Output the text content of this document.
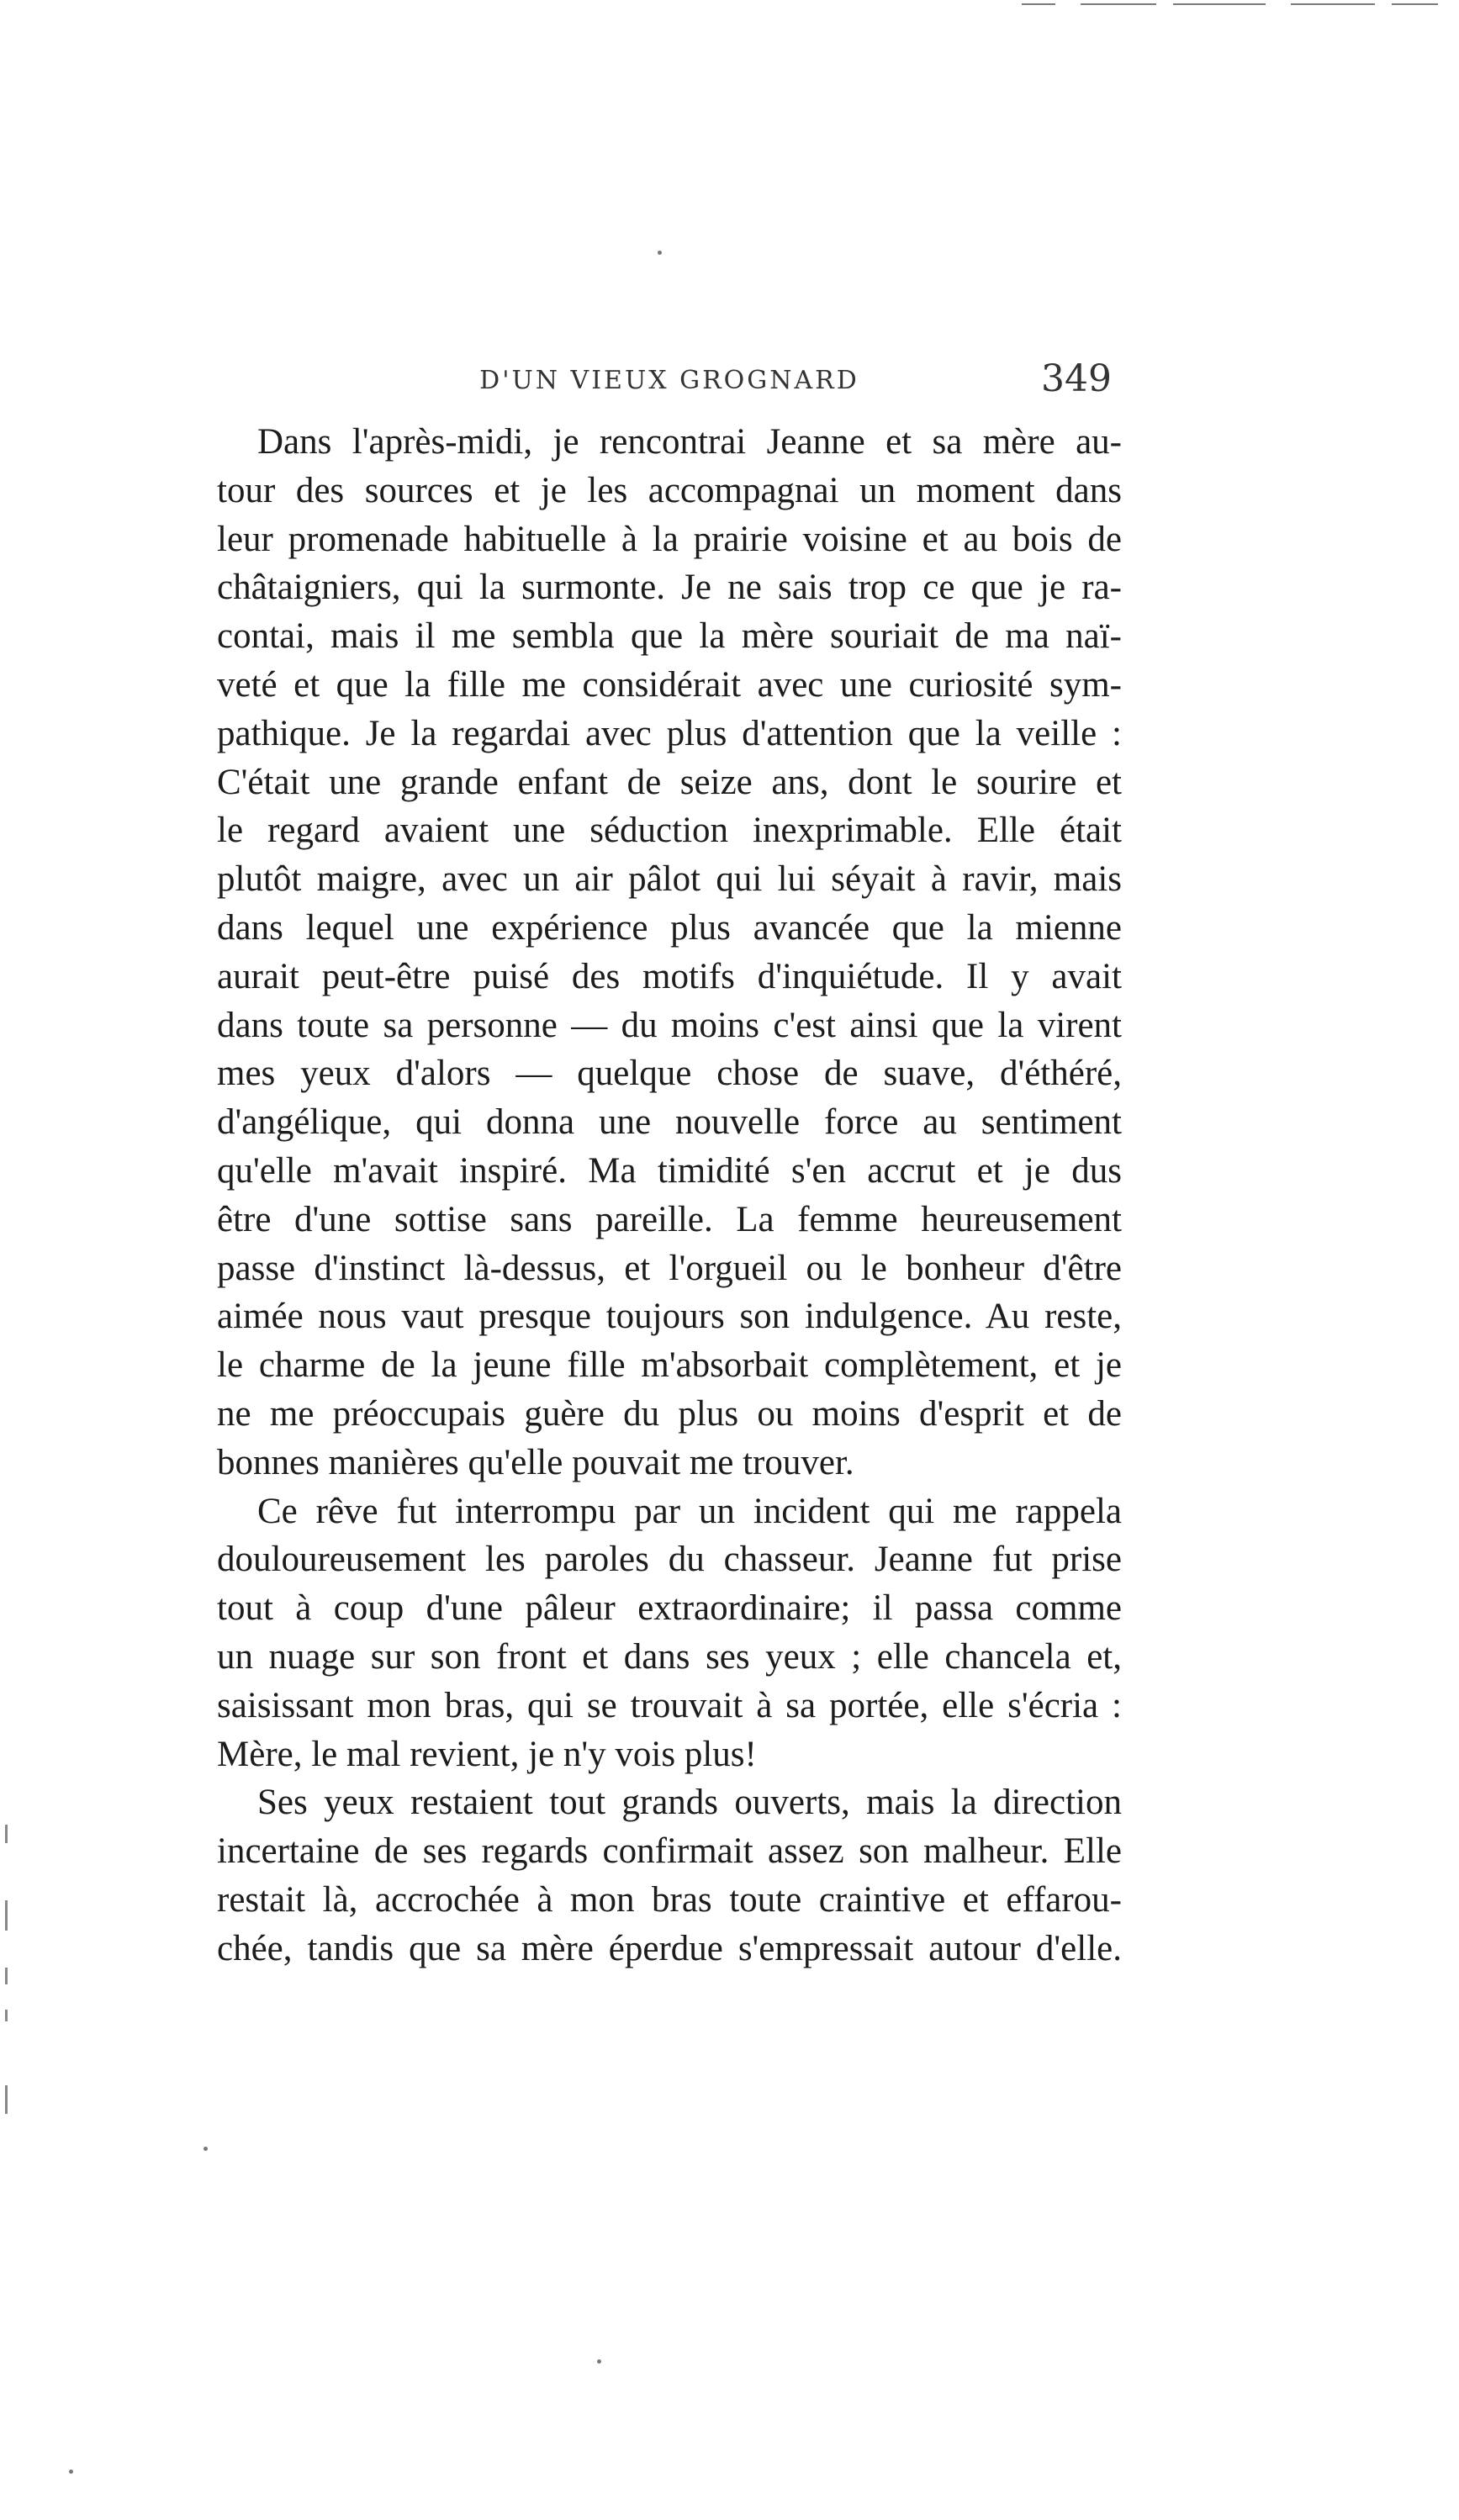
D'UN VIEUX GROGNARD	349

Dans l'après-midi, je rencontrai Jeanne et sa mère au-
tour des sources et je les accompagnai un moment dans
leur promenade habituelle à la prairie voisine et au bois de
châtaigniers, qui la surmonte. Je ne sais trop ce que je ra-
contai, mais il me sembla que la mère souriait de ma naï-
veté et que la fille me considérait avec une curiosité sym-
pathique. Je la regardai avec plus d'attention que la veille :
C'était une grande enfant de seize ans, dont le sourire et
le regard avaient une séduction inexprimable. Elle était
plutôt maigre, avec un air pâlot qui lui séyait à ravir, mais
dans lequel une expérience plus avancée que la mienne
aurait peut-être puisé des motifs d'inquiétude. Il y avait
dans toute sa personne — du moins c'est ainsi que la virent
mes yeux d'alors — quelque chose de suave, d'éthéré,
d'angélique, qui donna une nouvelle force au sentiment
qu'elle m'avait inspiré. Ma timidité s'en accrut et je dus
être d'une sottise sans pareille. La femme heureusement
passe d'instinct là-dessus, et l'orgueil ou le bonheur d'être
aimée nous vaut presque toujours son indulgence. Au reste,
le charme de la jeune fille m'absorbait complètement, et je
ne me préoccupais guère du plus ou moins d'esprit et de
bonnes manières qu'elle pouvait me trouver.

Ce rêve fut interrompu par un incident qui me rappela
douloureusement les paroles du chasseur. Jeanne fut prise
tout à coup d'une pâleur extraordinaire; il passa comme
un nuage sur son front et dans ses yeux ; elle chancela et,
saisissant mon bras, qui se trouvait à sa portée, elle s'écria :
Mère, le mal revient, je n'y vois plus!

Ses yeux restaient tout grands ouverts, mais la direction
incertaine de ses regards confirmait assez son malheur. Elle
restait là, accrochée à mon bras toute craintive et effarou-
chée, tandis que sa mère éperdue s'empressait autour d'elle.
